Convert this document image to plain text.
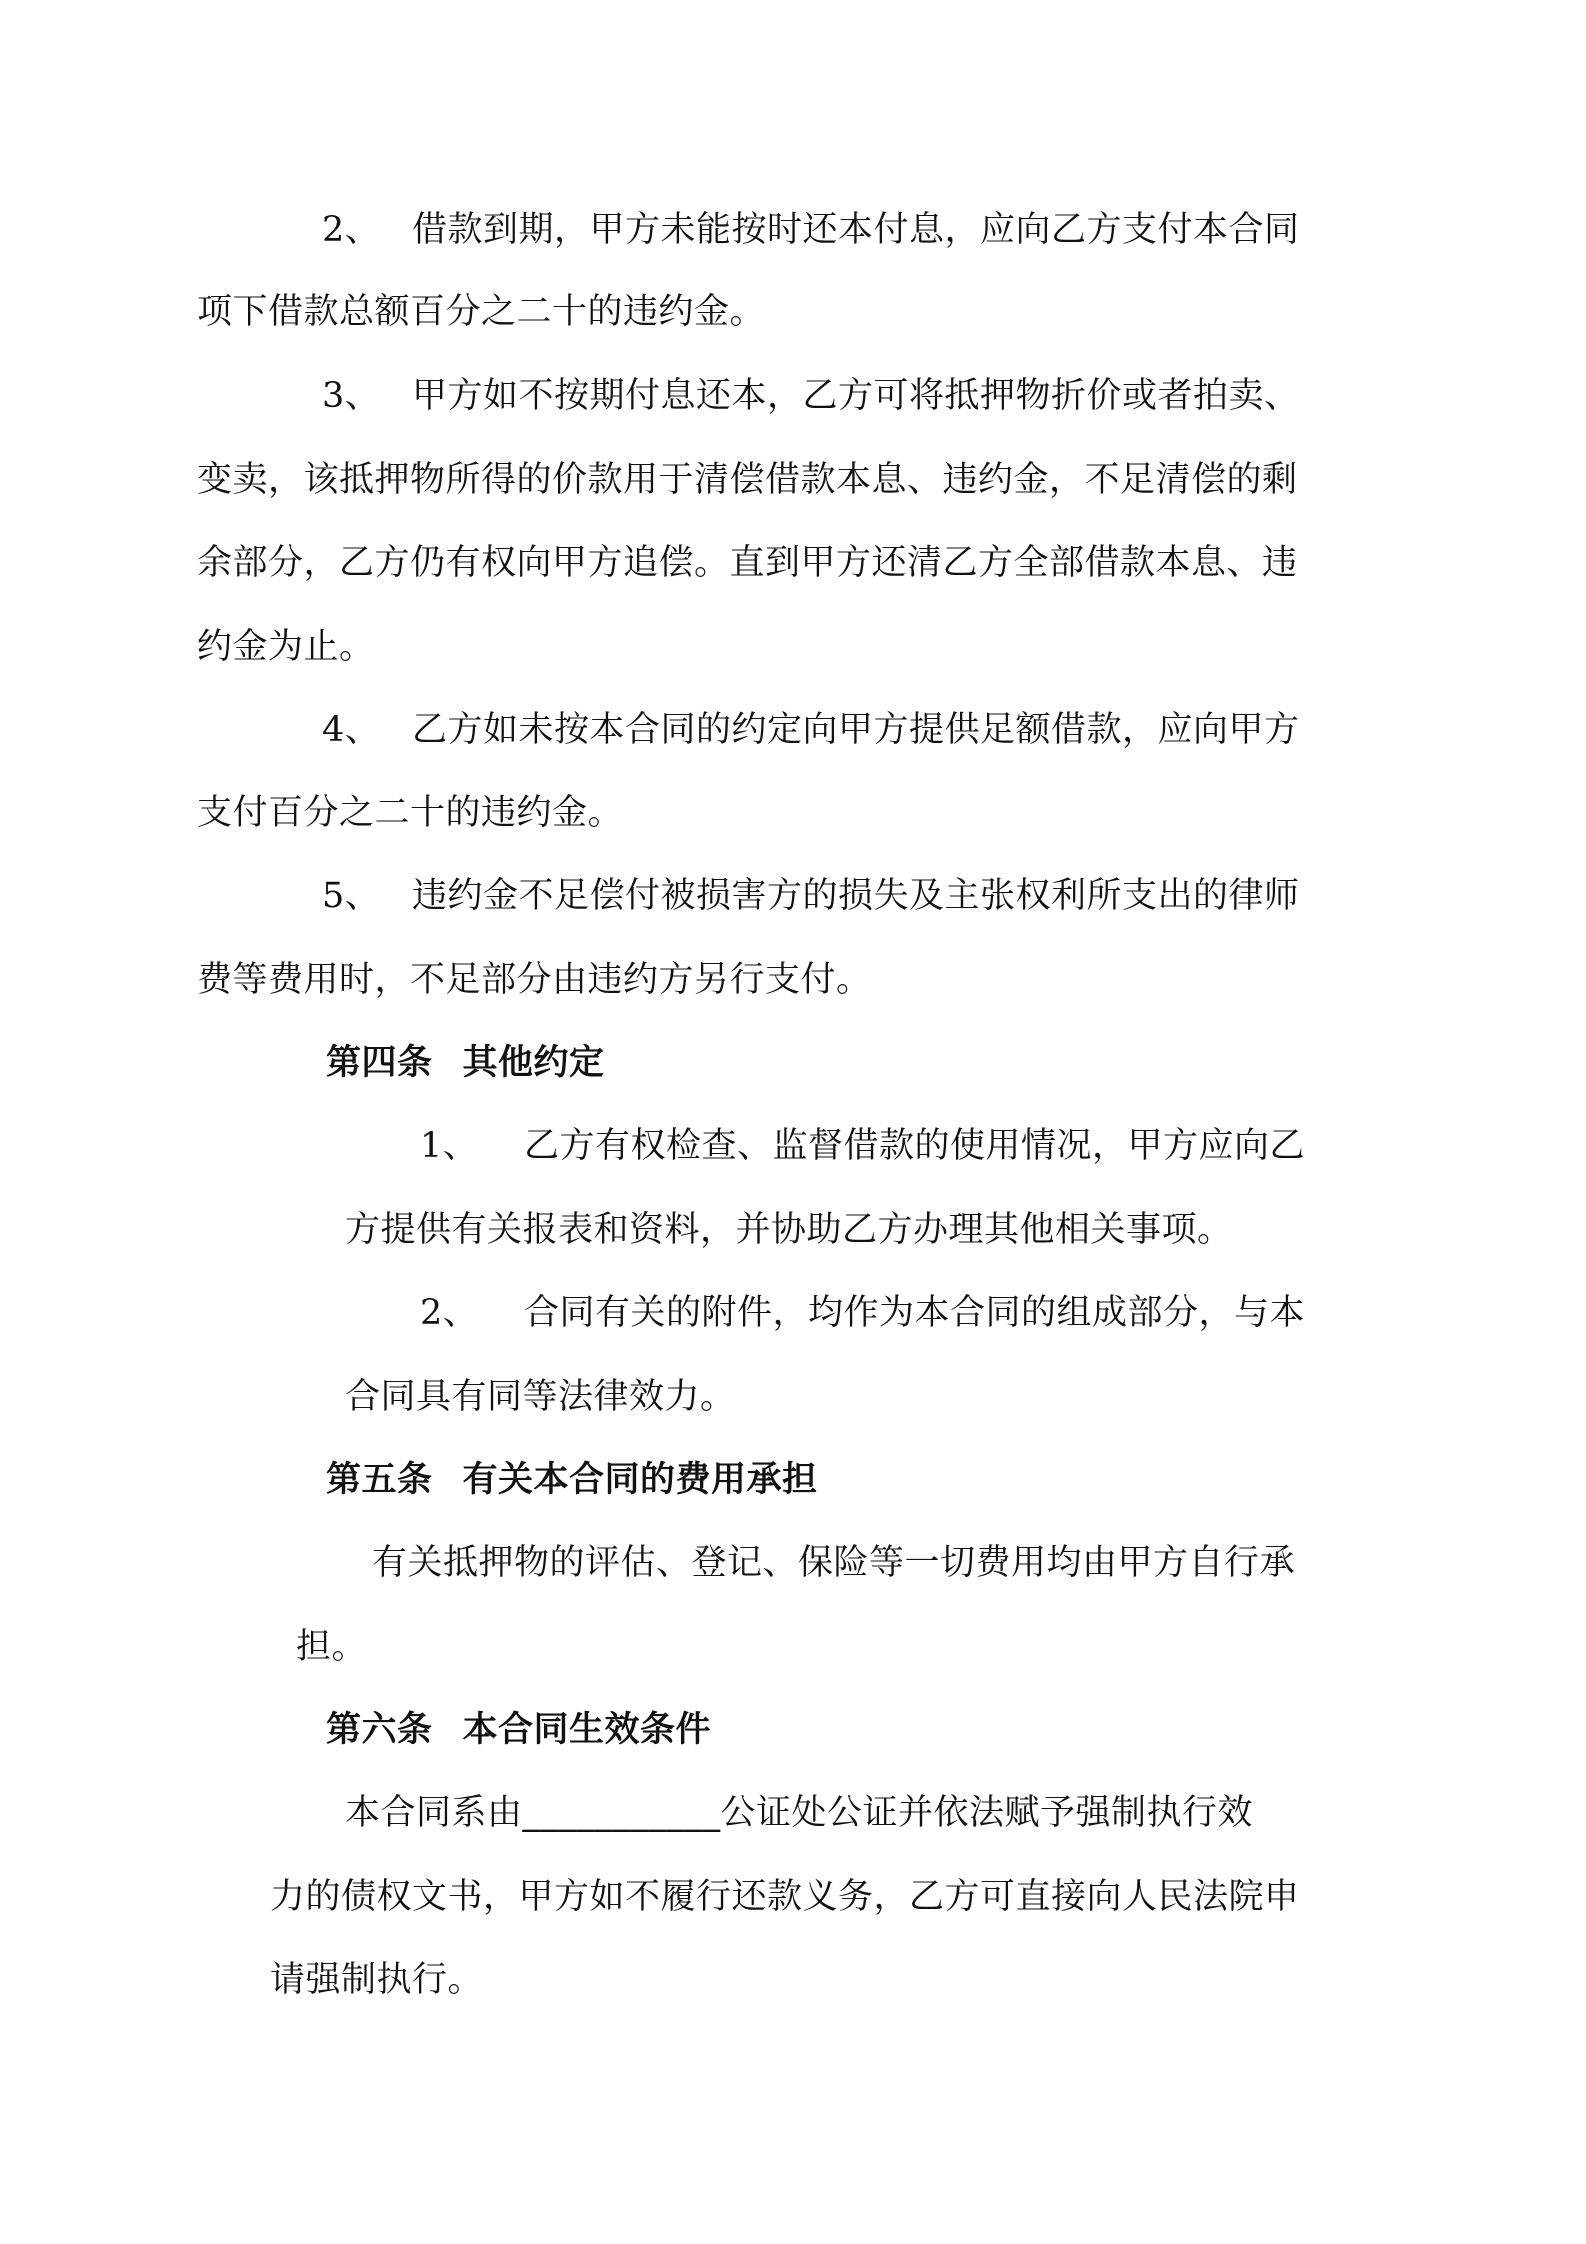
2、 借款到期，甲方未能按时还本付息，应向乙方支付本合同
项下借款总额百分之二十的违约金。
3、 甲方如不按期付息还本，乙方可将抵押物折价或者拍卖、
变卖，该抵押物所得的价款用于清偿借款本息、违约金，不足清偿的剩
余部分，乙方仍有权向甲方追偿。直到甲方还清乙方全部借款本息、违
约金为止。
4、 乙方如未按本合同的约定向甲方提供足额借款，应向甲方
支付百分之二十的违约金。
5、 违约金不足偿付被损害方的损失及主张权利所支出的律师
费等费用时，不足部分由违约方另行支付。
第四条 其他约定
1、 乙方有权检查、监督借款的使用情况，甲方应向乙
方提供有关报表和资料，并协助乙方办理其他相关事项。
2、 合同有关的附件，均作为本合同的组成部分，与本
合同具有同等法律效力。
第五条 有关本合同的费用承担
有关抵押物的评估、登记、保险等一切费用均由甲方自行承
担。
第六条 本合同生效条件
本合同系由___________公证处公证并依法赋予强制执行效
力的债权文书，甲方如不履行还款义务，乙方可直接向人民法院申
请强制执行。
